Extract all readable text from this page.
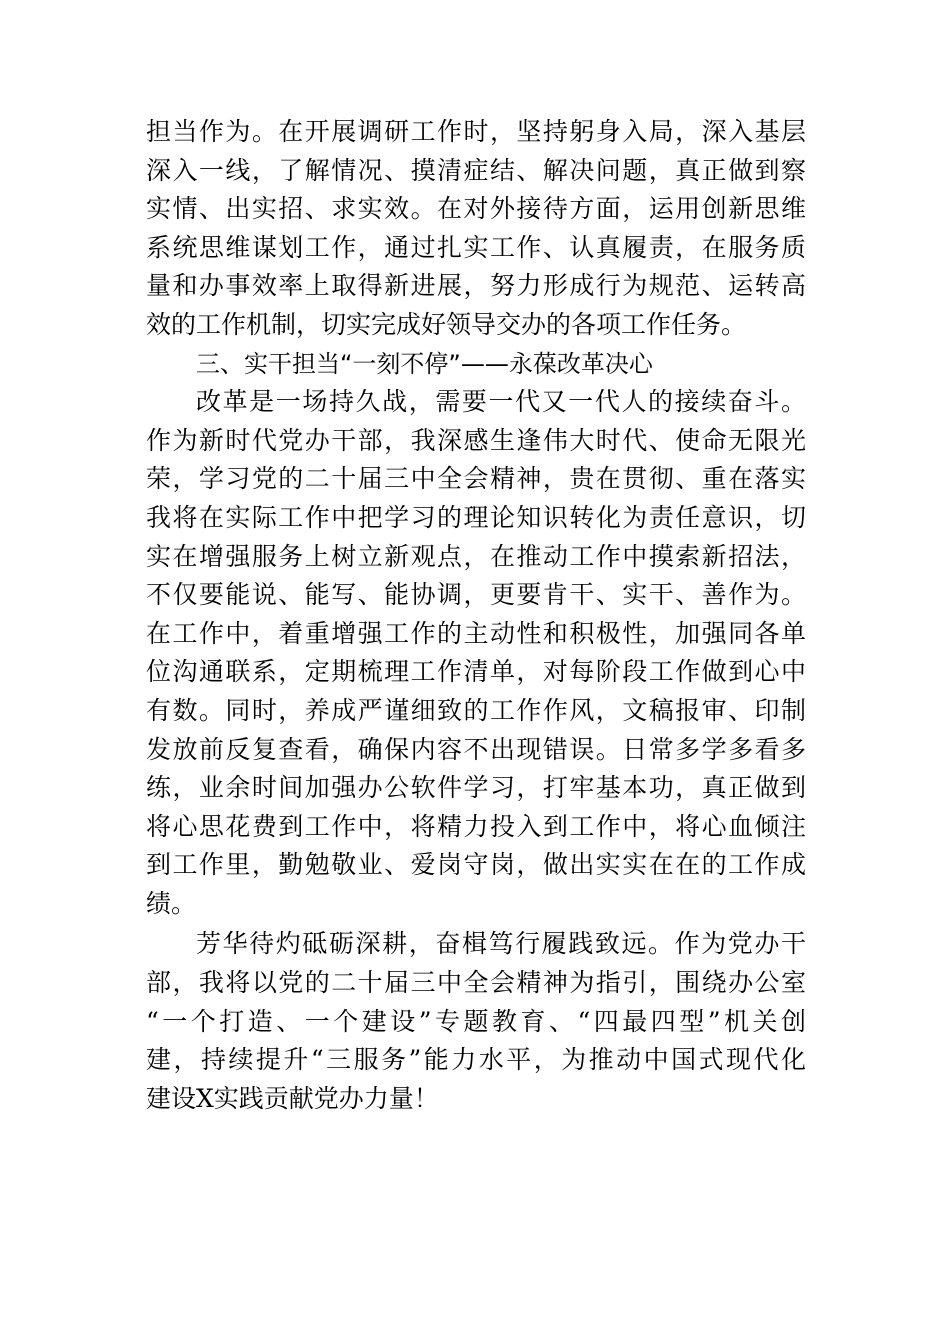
担当作为。在开展调研工作时，坚持躬身入局，深入基层
深入一线，了解情况、摸清症结、解决问题，真正做到察
实情、出实招、求实效。在对外接待方面，运用创新思维
系统思维谋划工作，通过扎实工作、认真履责，在服务质
量和办事效率上取得新进展，努力形成行为规范、运转高
效的工作机制，切实完成好领导交办的各项工作任务。
三、实干担当“一刻不停”——永葆改革决心
改革是一场持久战，需要一代又一代人的接续奋斗。
作为新时代党办干部，我深感生逢伟大时代、使命无限光
荣，学习党的二十届三中全会精神，贵在贯彻、重在落实
我将在实际工作中把学习的理论知识转化为责任意识，切
实在增强服务上树立新观点，在推动工作中摸索新招法，
不仅要能说、能写、能协调，更要肯干、实干、善作为。
在工作中，着重增强工作的主动性和积极性，加强同各单
位沟通联系，定期梳理工作清单，对每阶段工作做到心中
有数。同时，养成严谨细致的工作作风，文稿报审、印制
发放前反复查看，确保内容不出现错误。日常多学多看多
练，业余时间加强办公软件学习，打牢基本功，真正做到
将心思花费到工作中，将精力投入到工作中，将心血倾注
到工作里，勤勉敬业、爱岗守岗，做出实实在在的工作成
绩。
芳华待灼砥砺深耕，奋楫笃行履践致远。作为党办干
部，我将以党的二十届三中全会精神为指引，围绕办公室
“一个打造、一个建设”专题教育、“四最四型”机关创
建，持续提升“三服务”能力水平，为推动中国式现代化
建设X实践贡献党办力量！
